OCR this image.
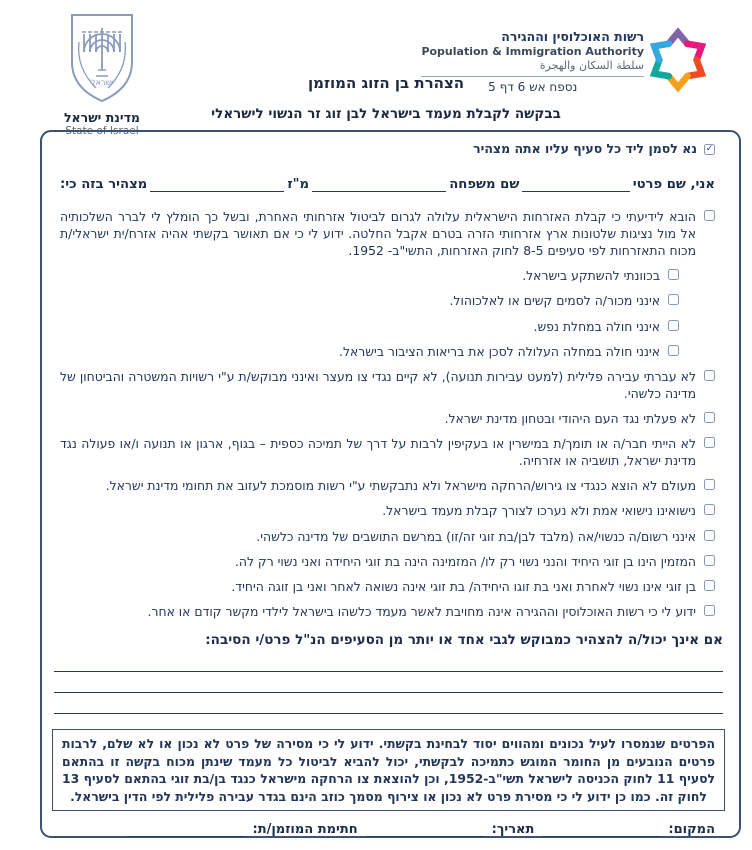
ישראל
מדינת ישראל
State of Israel
רשות האוכלוסין וההגירה
Population & Immigration Authority
سلطة السكان والهجرة
נספח אש 6 דף 5
הצהרת בן הזוג המוזמן
בבקשה לקבלת מעמד בישראל לבן זוג זר הנשוי לישראלי
✓
נא לסמן ליד כל סעיף עליו אתה מצהיר
אני, שם פרטי
שם משפחה
מ"ז
מצהיר בזה כי:
הובא לידיעתי כי קבלת האזרחות הישראלית עלולה לגרום לביטול אזרחותי האחרת, ובשל כך הומלץ לי לברר השלכותיה אל מול נציגות שלטונות ארץ אזרחותי הזרה בטרם אקבל החלטה. ידוע לי כי אם תאושר בקשתי אהיה אזרח/ית ישראלי/ת מכוח התאזרחות לפי סעיפים 8-5 לחוק האזרחות, התשי"ב- 1952.
בכוונתי להשתקע בישראל.
אינני מכור/ה לסמים קשים או לאלכוהול.
אינני חולה במחלת נפש.
אינני חולה במחלה העלולה לסכן את בריאות הציבור בישראל.
לא עברתי עבירה פלילית (למעט עבירות תנועה), לא קיים נגדי צו מעצר ואינני מבוקש/ת ע"י רשויות המשטרה והביטחון של מדינה כלשהי.
לא פעלתי נגד העם היהודי ובטחון מדינת ישראל.
לא הייתי חבר/ה או תומך/ת במישרין או בעקיפין לרבות על דרך של תמיכה כספית – בגוף, ארגון או תנועה ו/או פעולה נגד מדינת ישראל, תושביה או אזרחיה.
מעולם לא הוצא כנגדי צו גירוש/הרחקה מישראל ולא נתבקשתי ע"י רשות מוסמכת לעזוב את תחומי מדינת ישראל.
נישואינו נישואי אמת ולא נערכו לצורך קבלת מעמד בישראל.
אינני רשום/ה כנשוי/אה (מלבד לבן/בת זוגי זה/זו) במרשם התושבים של מדינה כלשהי.
המזמין הינו בן זוגי היחיד והנני נשוי רק לו/ המזמינה הינה בת זוגי היחידה ואני נשוי רק לה.
בן זוגי אינו נשוי לאחרת ואני בת זוגו היחידה/ בת זוגי אינה נשואה לאחר ואני בן זוגה היחיד.
ידוע לי כי רשות האוכלוסין וההגירה אינה מחויבת לאשר מעמד כלשהו בישראל לילדי מקשר קודם או אחר.
אם אינך יכול/ה להצהיר כמבוקש לגבי אחד או יותר מן הסעיפים הנ"ל פרט/י הסיבה:

הפרטים שנמסרו לעיל נכונים ומהווים יסוד לבחינת בקשתי. ידוע לי כי מסירה של פרט לא נכון או לא שלם, לרבות פרטים הנובעים מן החומר המוגש כתמיכה לבקשתי, יכול להביא לביטול כל מעמד שינתן מכוח בקשה זו בהתאם לסעיף 11 לחוק הכניסה לישראל תשי"ב-1952, וכן להוצאת צו הרחקה מישראל כנגד בן/בת זוגי בהתאם לסעיף 13 לחוק זה. כמו כן ידוע לי כי מסירת פרט לא נכון או צירוף מסמך כוזב הינם בגדר עבירה פלילית לפי הדין בישראל.

המקום:
תאריך:
חתימת המוזמן/ת:
